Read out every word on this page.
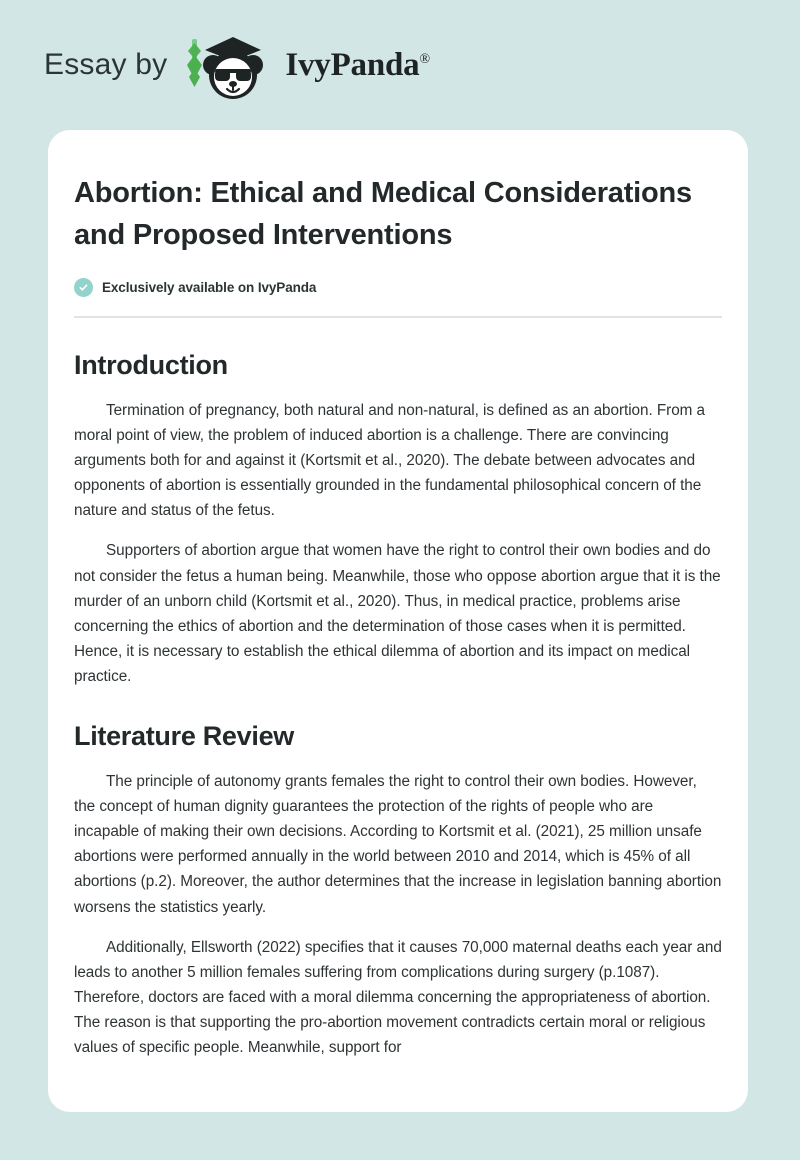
Essay by	IvyPanda®
Abortion: Ethical and Medical Considerations and Proposed Interventions
Exclusively available on IvyPanda
Introduction

Termination of pregnancy, both natural and non-natural, is defined as an abortion. From a moral point of view, the problem of induced abortion is a challenge. There are convincing arguments both for and against it (Kortsmit et al., 2020). The debate between advocates and opponents of abortion is essentially grounded in the fundamental philosophical concern of the nature and status of the fetus.

Supporters of abortion argue that women have the right to control their own bodies and do not consider the fetus a human being. Meanwhile, those who oppose abortion argue that it is the murder of an unborn child (Kortsmit et al., 2020). Thus, in medical practice, problems arise concerning the ethics of abortion and the determination of those cases when it is permitted. Hence, it is necessary to establish the ethical dilemma of abortion and its impact on medical practice.

Literature Review

The principle of autonomy grants females the right to control their own bodies. However, the concept of human dignity guarantees the protection of the rights of people who are incapable of making their own decisions. According to Kortsmit et al. (2021), 25 million unsafe abortions were performed annually in the world between 2010 and 2014, which is 45% of all abortions (p.2). Moreover, the author determines that the increase in legislation banning abortion worsens the statistics yearly.

Additionally, Ellsworth (2022) specifies that it causes 70,000 maternal deaths each year and leads to another 5 million females suffering from complications during surgery (p.1087). Therefore, doctors are faced with a moral dilemma concerning the appropriateness of abortion. The reason is that supporting the pro-abortion movement contradicts certain moral or religious values of specific people. Meanwhile, support for
